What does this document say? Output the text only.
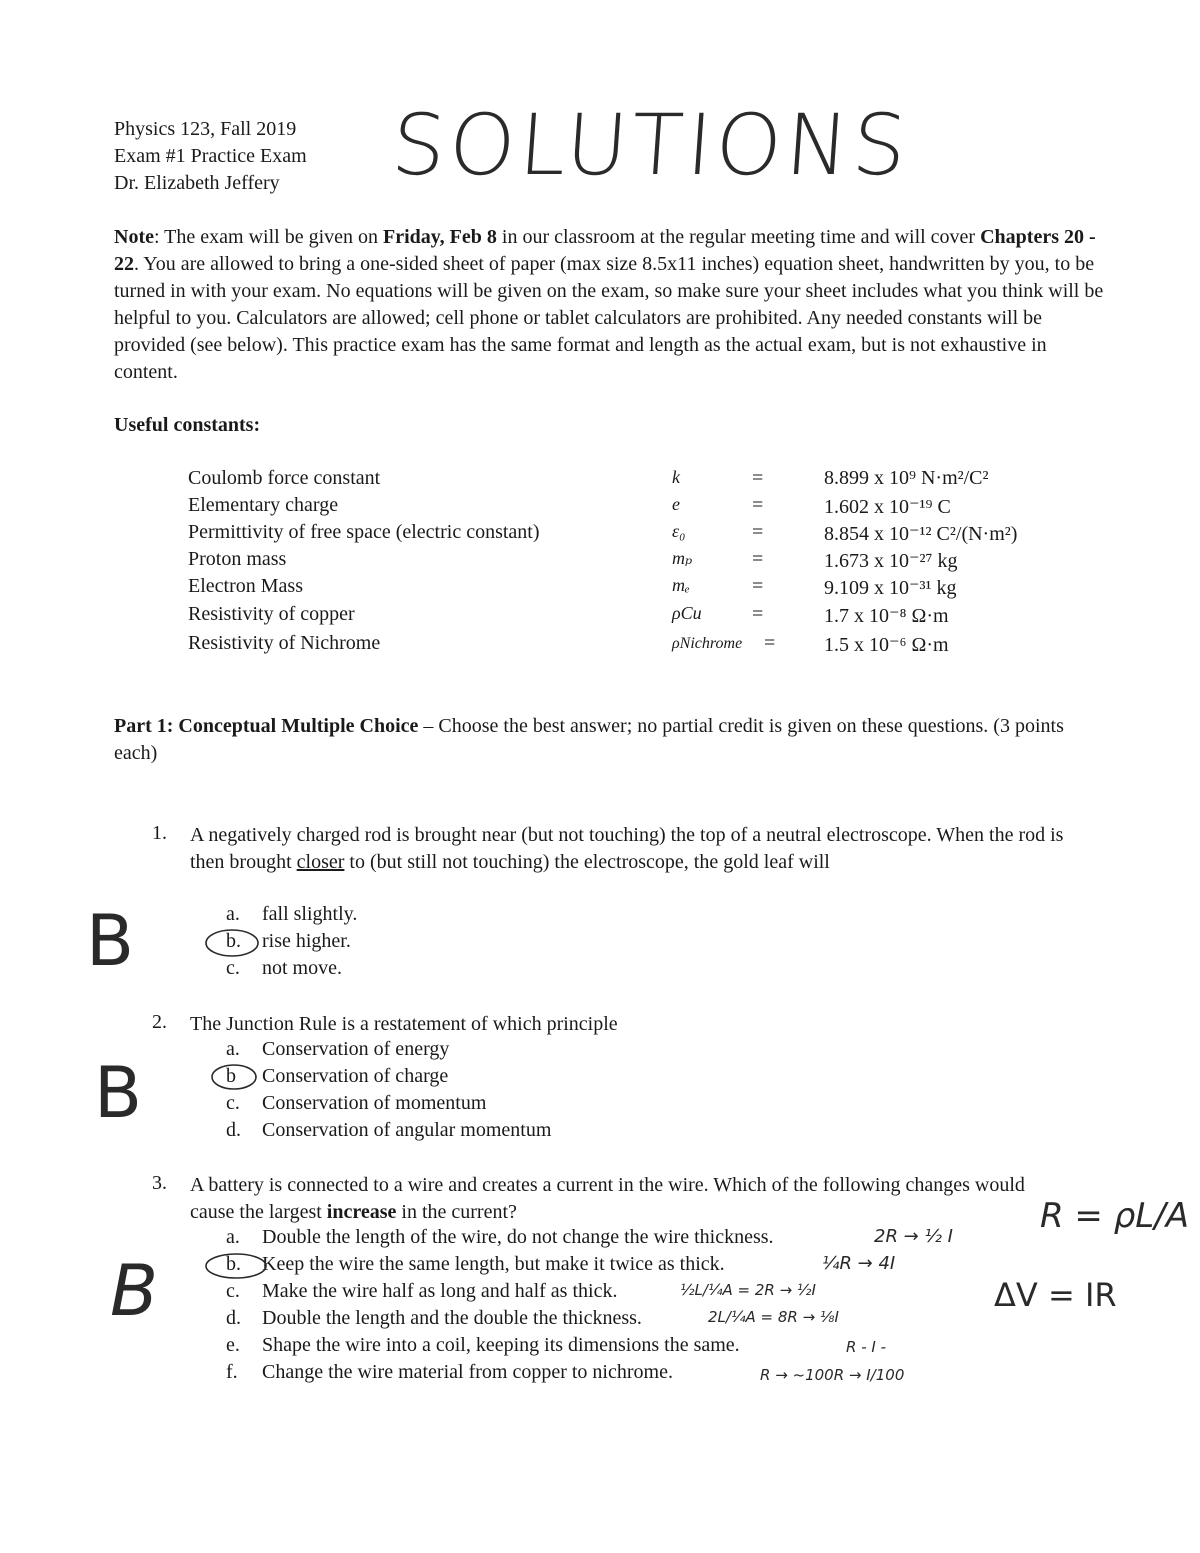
Physics 123, Fall 2019
Exam #1 Practice Exam
Dr. Elizabeth Jeffery SOLUTIONS
Note: The exam will be given on Friday, Feb 8 in our classroom at the regular meeting time and will cover Chapters 20 - 22. You are allowed to bring a one-sided sheet of paper (max size 8.5x11 inches) equation sheet, handwritten by you, to be turned in with your exam. No equations will be given on the exam, so make sure your sheet includes what you think will be helpful to you. Calculators are allowed; cell phone or tablet calculators are prohibited. Any needed constants will be provided (see below). This practice exam has the same format and length as the actual exam, but is not exhaustive in content.
Useful constants:
Coulomb force constant	k	=	8.899 x 10⁹ N·m²/C²
Elementary charge	e	=	1.602 x 10⁻¹⁹ C
Permittivity of free space (electric constant)	ε₀	=	8.854 x 10⁻¹² C²/(N·m²)
Proton mass	mₚ	=	1.673 x 10⁻²⁷ kg
Electron Mass	mₑ	=	9.109 x 10⁻³¹ kg
Resistivity of copper	ρCu	=	1.7 x 10⁻⁸ Ω·m
Resistivity of Nichrome	ρNichrome = 1.5 x 10⁻⁶ Ω·m
Part 1: Conceptual Multiple Choice – Choose the best answer; no partial credit is given on these questions. (3 points each)
1. A negatively charged rod is brought near (but not touching) the top of a neutral electroscope. When the rod is then brought closer to (but still not touching) the electroscope, the gold leaf will
B	a. fall slightly.
b. rise higher.
c. not move.
2. The Junction Rule is a restatement of which principle
B
a. Conservation of energy
b Conservation of charge
c. Conservation of momentum
d. Conservation of angular momentum
3. A battery is connected to a wire and creates a current in the wire. Which of the following changes would cause the largest increase in the current?
B
a. Double the length of the wire, do not change the wire thickness.
b. Keep the wire the same length, but make it twice as thick.
c. Make the wire half as long and half as thick.
d. Double the length and the double the thickness.
e. Shape the wire into a coil, keeping its dimensions the same.
f. Change the wire material from copper to nichrome.
2R → ½ I
¼R → 4I
½L/¼A = 2R → ½I
2L/¼A = 8R → ⅛I
R - I -
R → ~100R → I/100
R = ρL/A
ΔV = IR
